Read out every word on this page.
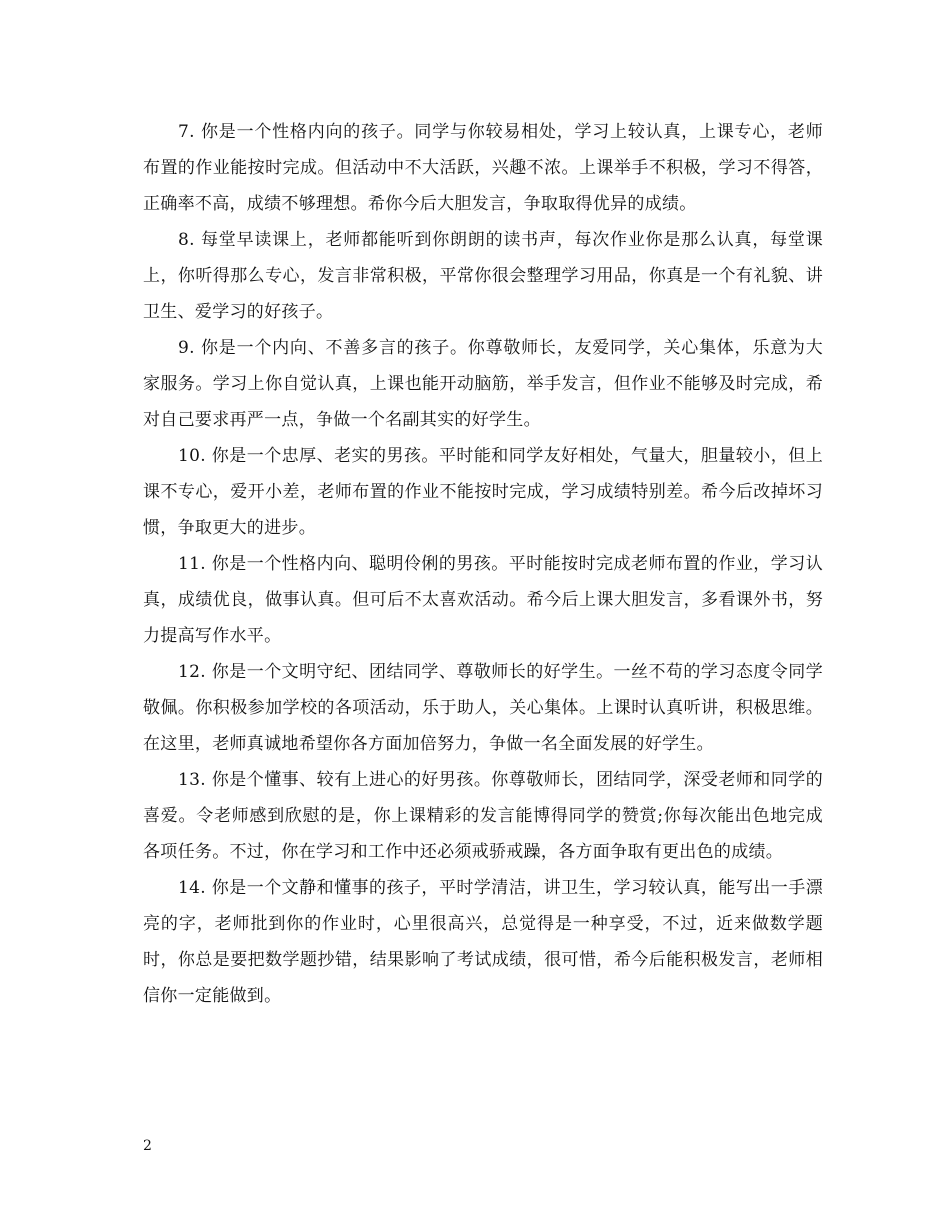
7. 你是一个性格内向的孩子。同学与你较易相处，学习上较认真，上课专心，老师布置的作业能按时完成。但活动中不大活跃，兴趣不浓。上课举手不积极，学习不得答，正确率不高，成绩不够理想。希你今后大胆发言，争取取得优异的成绩。

8. 每堂早读课上，老师都能听到你朗朗的读书声，每次作业你是那么认真，每堂课上，你听得那么专心，发言非常积极，平常你很会整理学习用品，你真是一个有礼貌、讲卫生、爱学习的好孩子。

9. 你是一个内向、不善多言的孩子。你尊敬师长，友爱同学，关心集体，乐意为大家服务。学习上你自觉认真，上课也能开动脑筋，举手发言，但作业不能够及时完成，希对自己要求再严一点，争做一个名副其实的好学生。

10. 你是一个忠厚、老实的男孩。平时能和同学友好相处，气量大，胆量较小，但上课不专心，爱开小差，老师布置的作业不能按时完成，学习成绩特别差。希今后改掉坏习惯，争取更大的进步。

11. 你是一个性格内向、聪明伶俐的男孩。平时能按时完成老师布置的作业，学习认真，成绩优良，做事认真。但可后不太喜欢活动。希今后上课大胆发言，多看课外书，努力提高写作水平。

12. 你是一个文明守纪、团结同学、尊敬师长的好学生。一丝不苟的学习态度令同学敬佩。你积极参加学校的各项活动，乐于助人，关心集体。上课时认真听讲，积极思维。在这里，老师真诚地希望你各方面加倍努力，争做一名全面发展的好学生。

13. 你是个懂事、较有上进心的好男孩。你尊敬师长，团结同学，深受老师和同学的喜爱。令老师感到欣慰的是，你上课精彩的发言能博得同学的赞赏;你每次能出色地完成各项任务。不过，你在学习和工作中还必须戒骄戒躁，各方面争取有更出色的成绩。

14. 你是一个文静和懂事的孩子，平时学清洁，讲卫生，学习较认真，能写出一手漂亮的字，老师批到你的作业时，心里很高兴，总觉得是一种享受，不过，近来做数学题时，你总是要把数学题抄错，结果影响了考试成绩，很可惜，希今后能积极发言，老师相信你一定能做到。

2
